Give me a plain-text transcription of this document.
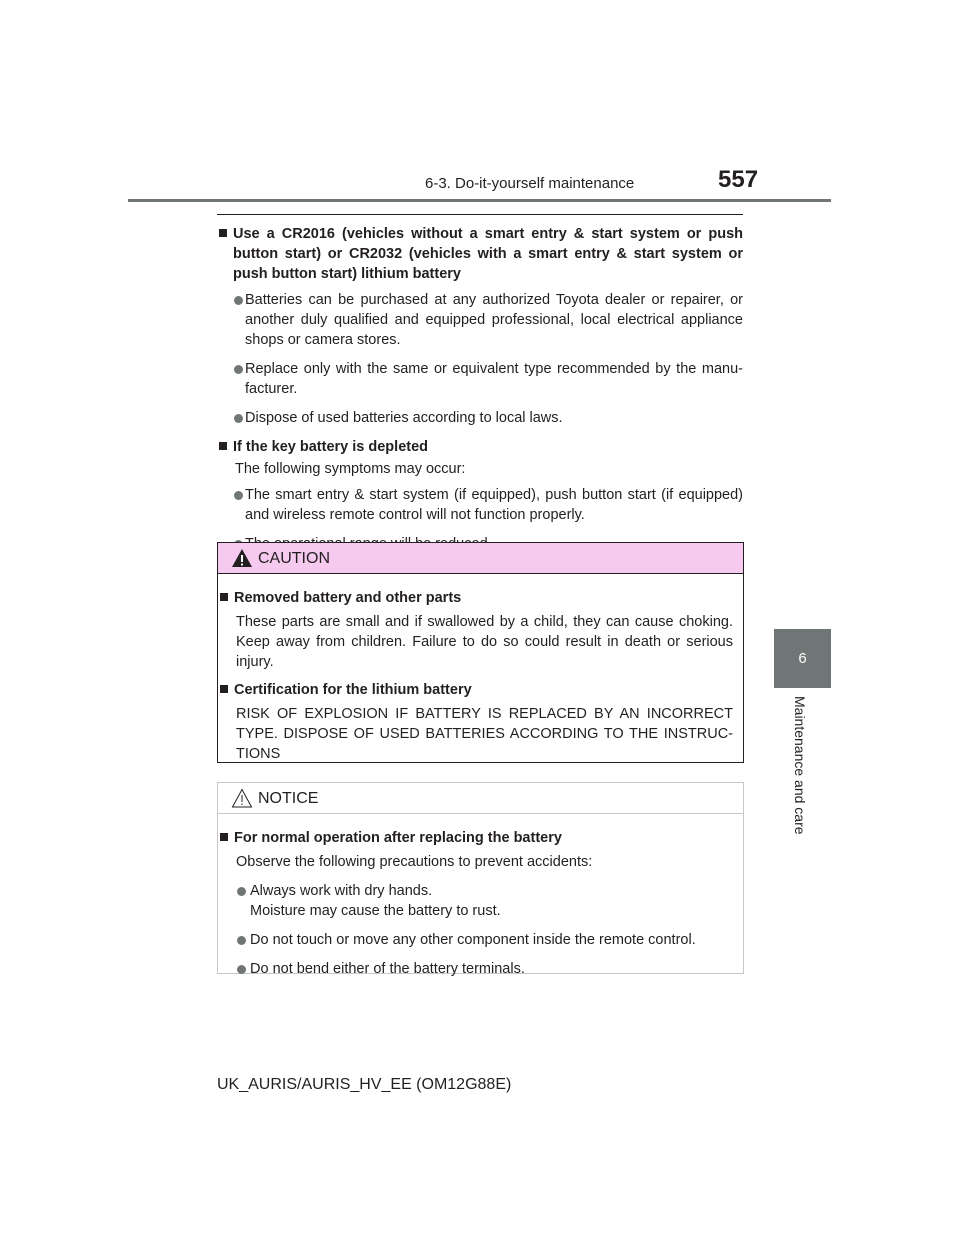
6-3. Do-it-yourself maintenance	557
6
Maintenance and care

Use a CR2016 (vehicles without a smart entry & start system or push button start) or CR2032 (vehicles with a smart entry & start system or push button start) lithium battery

Batteries can be purchased at any authorized Toyota dealer or repairer, or another duly qualified and equipped professional, local electrical appliance shops or camera stores.

Replace only with the same or equivalent type recommended by the manu-facturer.

Dispose of used batteries according to local laws.

If the key battery is depleted

The following symptoms may occur:

The smart entry & start system (if equipped), push button start (if equipped) and wireless remote control will not function properly.

CAUTION

Removed battery and other parts

These parts are small and if swallowed by a child, they can cause choking. Keep away from children. Failure to do so could result in death or serious injury.

Certification for the lithium battery

RISK OF EXPLOSION IF BATTERY IS REPLACED BY AN INCORRECT TYPE. DISPOSE OF USED BATTERIES ACCORDING TO THE INSTRUC-TIONS

NOTICE

For normal operation after replacing the battery

Observe the following precautions to prevent accidents:

Always work with dry hands.
Moisture may cause the battery to rust.

Do not touch or move any other component inside the remote control.

Do not bend either of the battery terminals.

UK_AURIS/AURIS_HV_EE (OM12G88E)
